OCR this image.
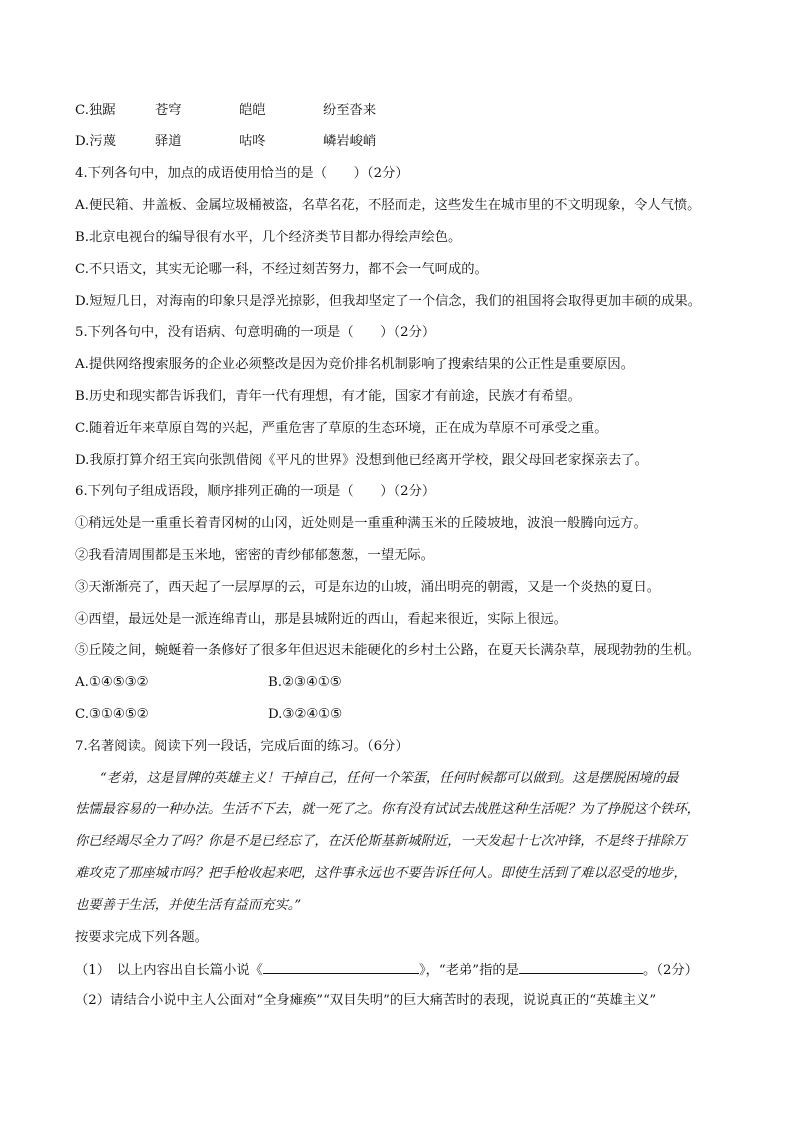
C.独踞	苍穹	皑皑	纷至沓来
D.污蔑	驿道	咕咚	嶙岩峻峭
4.下列各句中，加点的成语使用恰当的是（　　）（2分）
A.便民箱、井盖板、金属垃圾桶被盗，名草名花，不胫而走，这些发生在城市里的不文明现象，令人气愤。
B.北京电视台的编导很有水平，几个经济类节目都办得绘声绘色。
C.不只语文，其实无论哪一科，不经过刻苦努力，都不会一气呵成的。
D.短短几日，对海南的印象只是浮光掠影，但我却坚定了一个信念，我们的祖国将会取得更加丰硕的成果。
5.下列各句中，没有语病、句意明确的一项是（　　）（2分）
A.提供网络搜索服务的企业必须整改是因为竞价排名机制影响了搜索结果的公正性是重要原因。
B.历史和现实都告诉我们，青年一代有理想，有才能，国家才有前途，民族才有希望。
C.随着近年来草原自驾的兴起，严重危害了草原的生态环境，正在成为草原不可承受之重。
D.我原打算介绍王宾向张凯借阅《平凡的世界》没想到他已经离开学校，跟父母回老家探亲去了。
6.下列句子组成语段，顺序排列正确的一项是（　　）（2分）
①稍远处是一重重长着青冈树的山冈，近处则是一重重种满玉米的丘陵坡地，波浪一般腾向远方。
②我看清周围都是玉米地，密密的青纱郁郁葱葱，一望无际。
③天渐渐亮了，西天起了一层厚厚的云，可是东边的山坡，涌出明亮的朝霞，又是一个炎热的夏日。
④西望，最远处是一派连绵青山，那是县城附近的西山，看起来很近，实际上很远。
⑤丘陵之间，蜿蜒着一条修好了很多年但迟迟未能硬化的乡村土公路，在夏天长满杂草，展现勃勃的生机。
A.①④⑤③②	B.②③④①⑤
C.③①④⑤②	D.③②④①⑤
7.名著阅读。阅读下列一段话，完成后面的练习。（6分）
“老弟，这是冒牌的英雄主义！干掉自己，任何一个笨蛋，任何时候都可以做到。这是摆脱困境的最
怯懦最容易的一种办法。生活不下去，就一死了之。你有没有试试去战胜这种生活呢？为了挣脱这个铁环，
你已经竭尽全力了吗？你是不是已经忘了，在沃伦斯基新城附近，一天发起十七次冲锋，不是终于排除万
难攻克了那座城市吗？把手枪收起来吧，这件事永远也不要告诉任何人。即使生活到了难以忍受的地步，
也要善于生活，并使生活有益而充实。”
按要求完成下列各题。
（1）　以上内容出自长篇小说《	》，“老弟”指的是	。（2分）
（2）请结合小说中主人公面对“全身瘫痪”“双目失明”的巨大痛苦时的表现，说说真正的“英雄主义”
